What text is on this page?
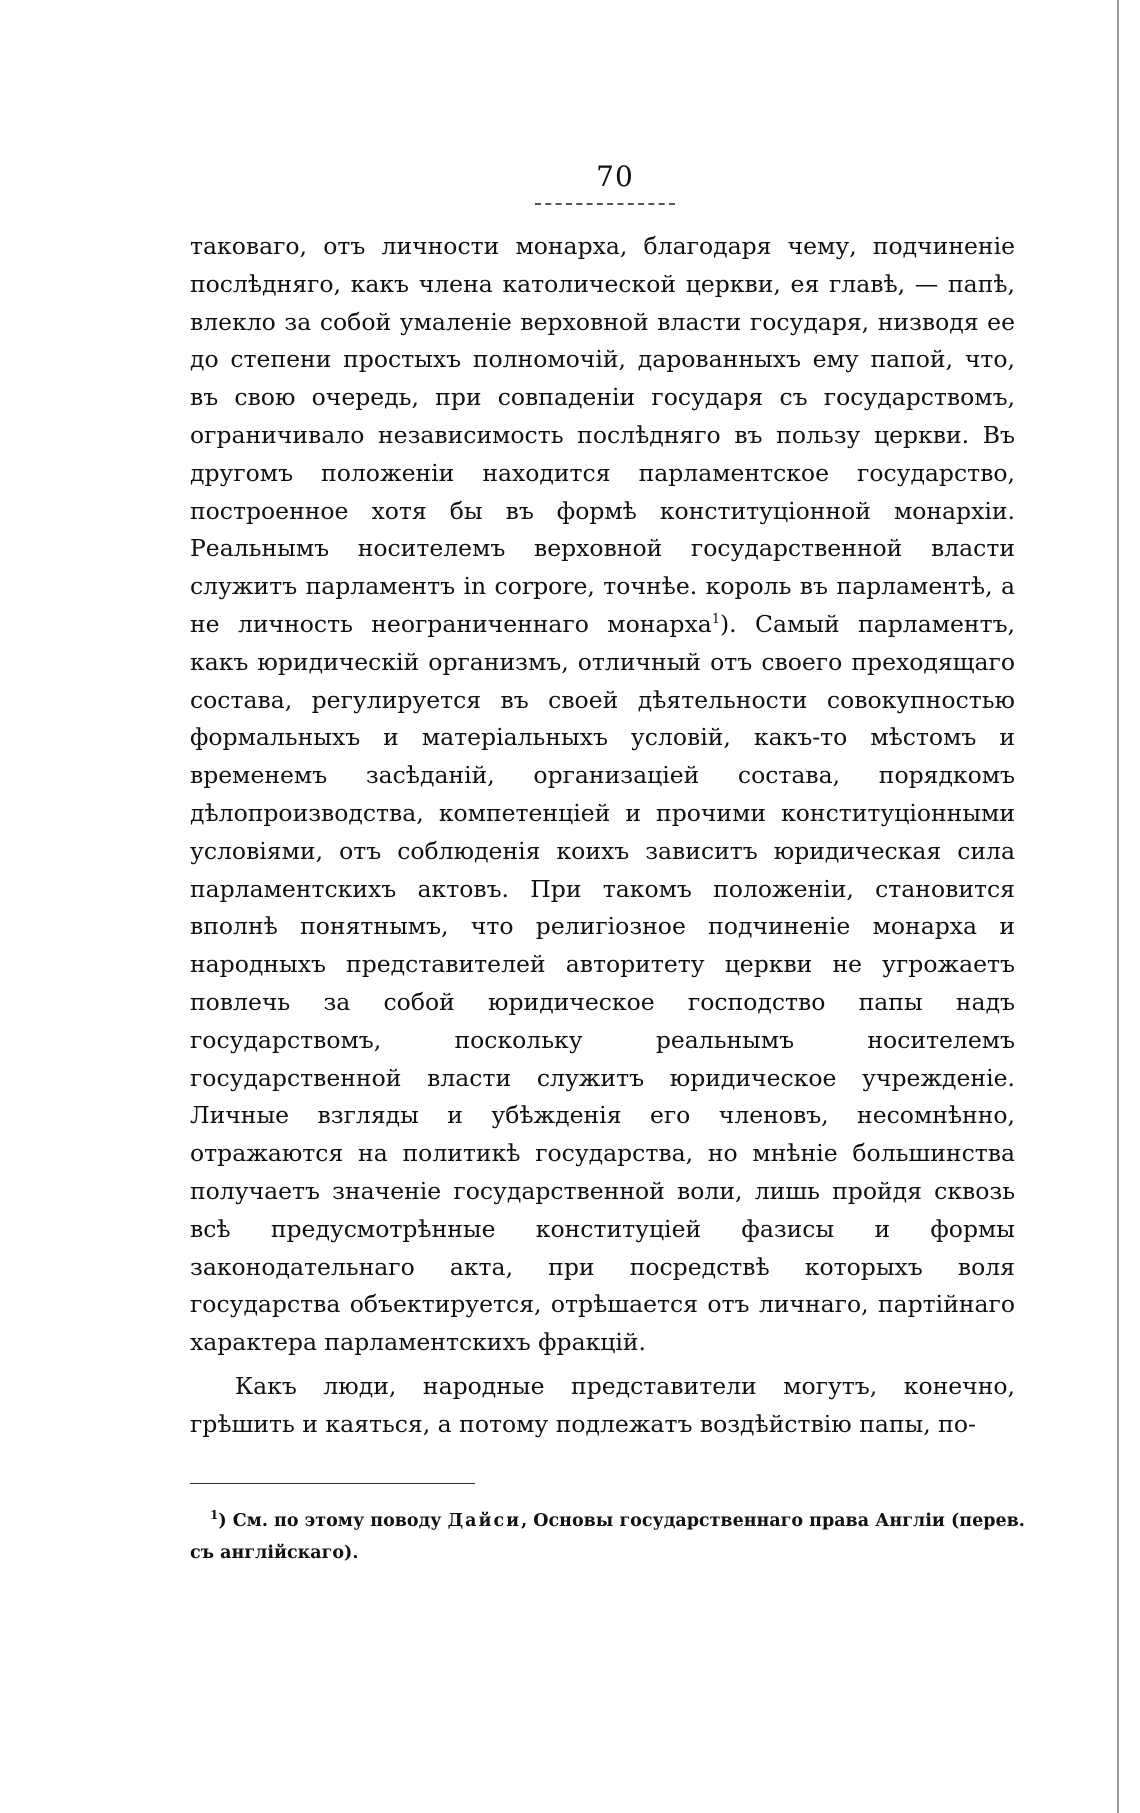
70

таковаго, отъ личности монарха, благодаря чему, подчиненіе послѣдняго, какъ члена католической церкви, ея главѣ, — папѣ, влекло за собой умаленіе верховной власти государя, низводя ее до степени простыхъ полномочій, дарованныхъ ему папой, что, въ свою очередь, при совпаденіи государя съ государствомъ, ограничивало независимость послѣдняго въ пользу церкви. Въ другомъ положеніи находится парламентское государство, построенное хотя бы въ формѣ конституціонной монархіи. Реальнымъ носителемъ верховной государственной власти служитъ парламентъ in corpore, точнѣе. король въ парламентѣ, а не личность неограниченнаго монарха$^1$). Самый парламентъ, какъ юридическій организмъ, отличный отъ своего преходящаго состава, регулируется въ своей дѣятельности совокупностью формальныхъ и матеріальныхъ условій, какъ-то мѣстомъ и временемъ засѣданій, организаціей состава, порядкомъ дѣлопроизводства, компетенціей и прочими конституціонными условіями, отъ соблюденія коихъ зависитъ юридическая сила парламентскихъ актовъ. При такомъ положеніи, становится вполнѣ понятнымъ, что религіозное подчиненіе монарха и народныхъ представителей авторитету церкви не угрожаетъ повлечь за собой юридическое господство папы надъ государствомъ, поскольку реальнымъ носителемъ государственной власти служитъ юридическое учрежденіе. Личные взгляды и убѣжденія его членовъ, несомнѣнно, отражаются на политикѣ государства, но мнѣніе большинства получаетъ значеніе государственной воли, лишь пройдя сквозь всѣ предусмотрѣнные конституціей фазисы и формы законодательнаго акта, при посредствѣ которыхъ воля государства объектируется, отрѣшается отъ личнаго, партійнаго характера парламентскихъ фракцій.

Какъ люди, народные представители могутъ, конечно, грѣшить и каяться, а потому подлежатъ воздѣйствію папы, по-

$^1$) См. по этому поводу Дайси, Основы государственнаго права Англіи (перев. съ англійскаго).
